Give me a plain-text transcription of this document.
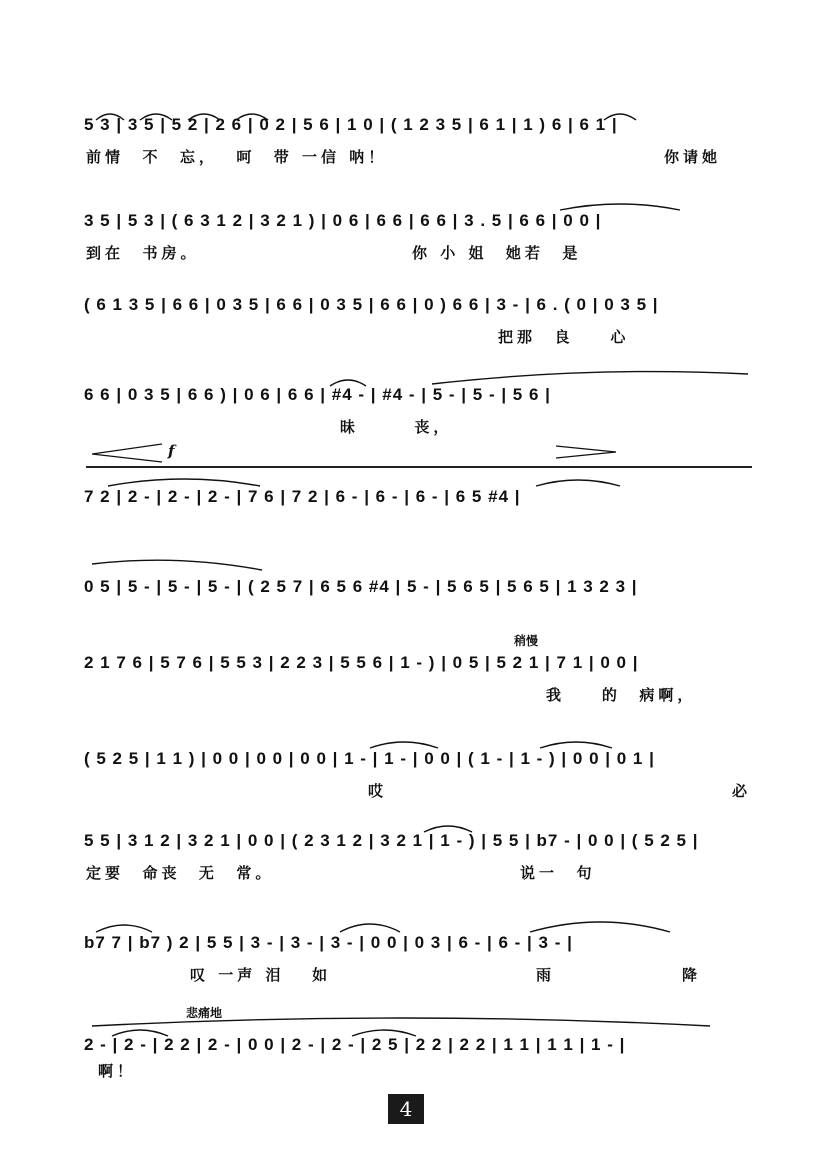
5 3 | 3 5 | 5 2 | 2 6 | 0 2 | 5 6 | 1 0 | ( 1 2 3 5 | 6 1 | 1 ) 6 | 6 1 |

前情  不  忘，  呵  带 一信 呐！

	你请她

3 5 | 5 3 | ( 6 3 1 2 | 3 2 1 ) | 0 6 | 6 6 | 6 6 | 3 . 5 | 6 6 | 0 0 |

到在  书房。

	你 小 姐  她若  是

( 6 1 3 5 | 6 6 | 0 3 5 | 6 6 | 0 3 5 | 6 6 | 0 ) 6 6 | 3 - | 6 . ( 0 | 0 3 5 |

把那  良    心

6 6 | 0 3 5 | 6 6 ) | 0 6 | 6 6 | #4 - | #4 - | 5 - | 5 - | 5 6 |

昧      丧，

f
7 2 | 2 - | 2 - | 2 - | 7 6 | 7 2 | 6 - | 6 - | 6 - | 6 5 #4 |
0 5 | 5 - | 5 - | 5 - | ( 2 5 7 | 6 5 6 #4 | 5 - | 5 6 5 | 5 6 5 | 1 3 2 3 |
稍慢
2 1 7 6 | 5 7 6 | 5 5 3 | 2 2 3 | 5 5 6 | 1 - ) | 0 5 | 5 2 1 | 7 1 | 0 0 |

我    的  病啊，

( 5 2 5 | 1 1 ) | 0 0 | 0 0 | 0 0 | 1 - | 1 - | 0 0 | ( 1 - | 1 - ) | 0 0 | 0 1 |

哎

	必

5 5 | 3 1 2 | 3 2 1 | 0 0 | ( 2 3 1 2 | 3 2 1 | 1 - ) | 5 5 | b7 - | 0 0 | ( 5 2 5 |

定要  命丧  无  常。

	说一  句

b7 7 | b7 ) 2 | 5 5 | 3 - | 3 - | 3 - | 0 0 | 0 3 | 6 - | 6 - | 3 - |

叹 一声 泪   如

	雨

	降

悲痛地
2 - | 2 - | 2 2 | 2 - | 0 0 | 2 - | 2 - | 2 5 | 2 2 | 2 2 | 1 1 | 1 1 | 1 - |

啊！

4
